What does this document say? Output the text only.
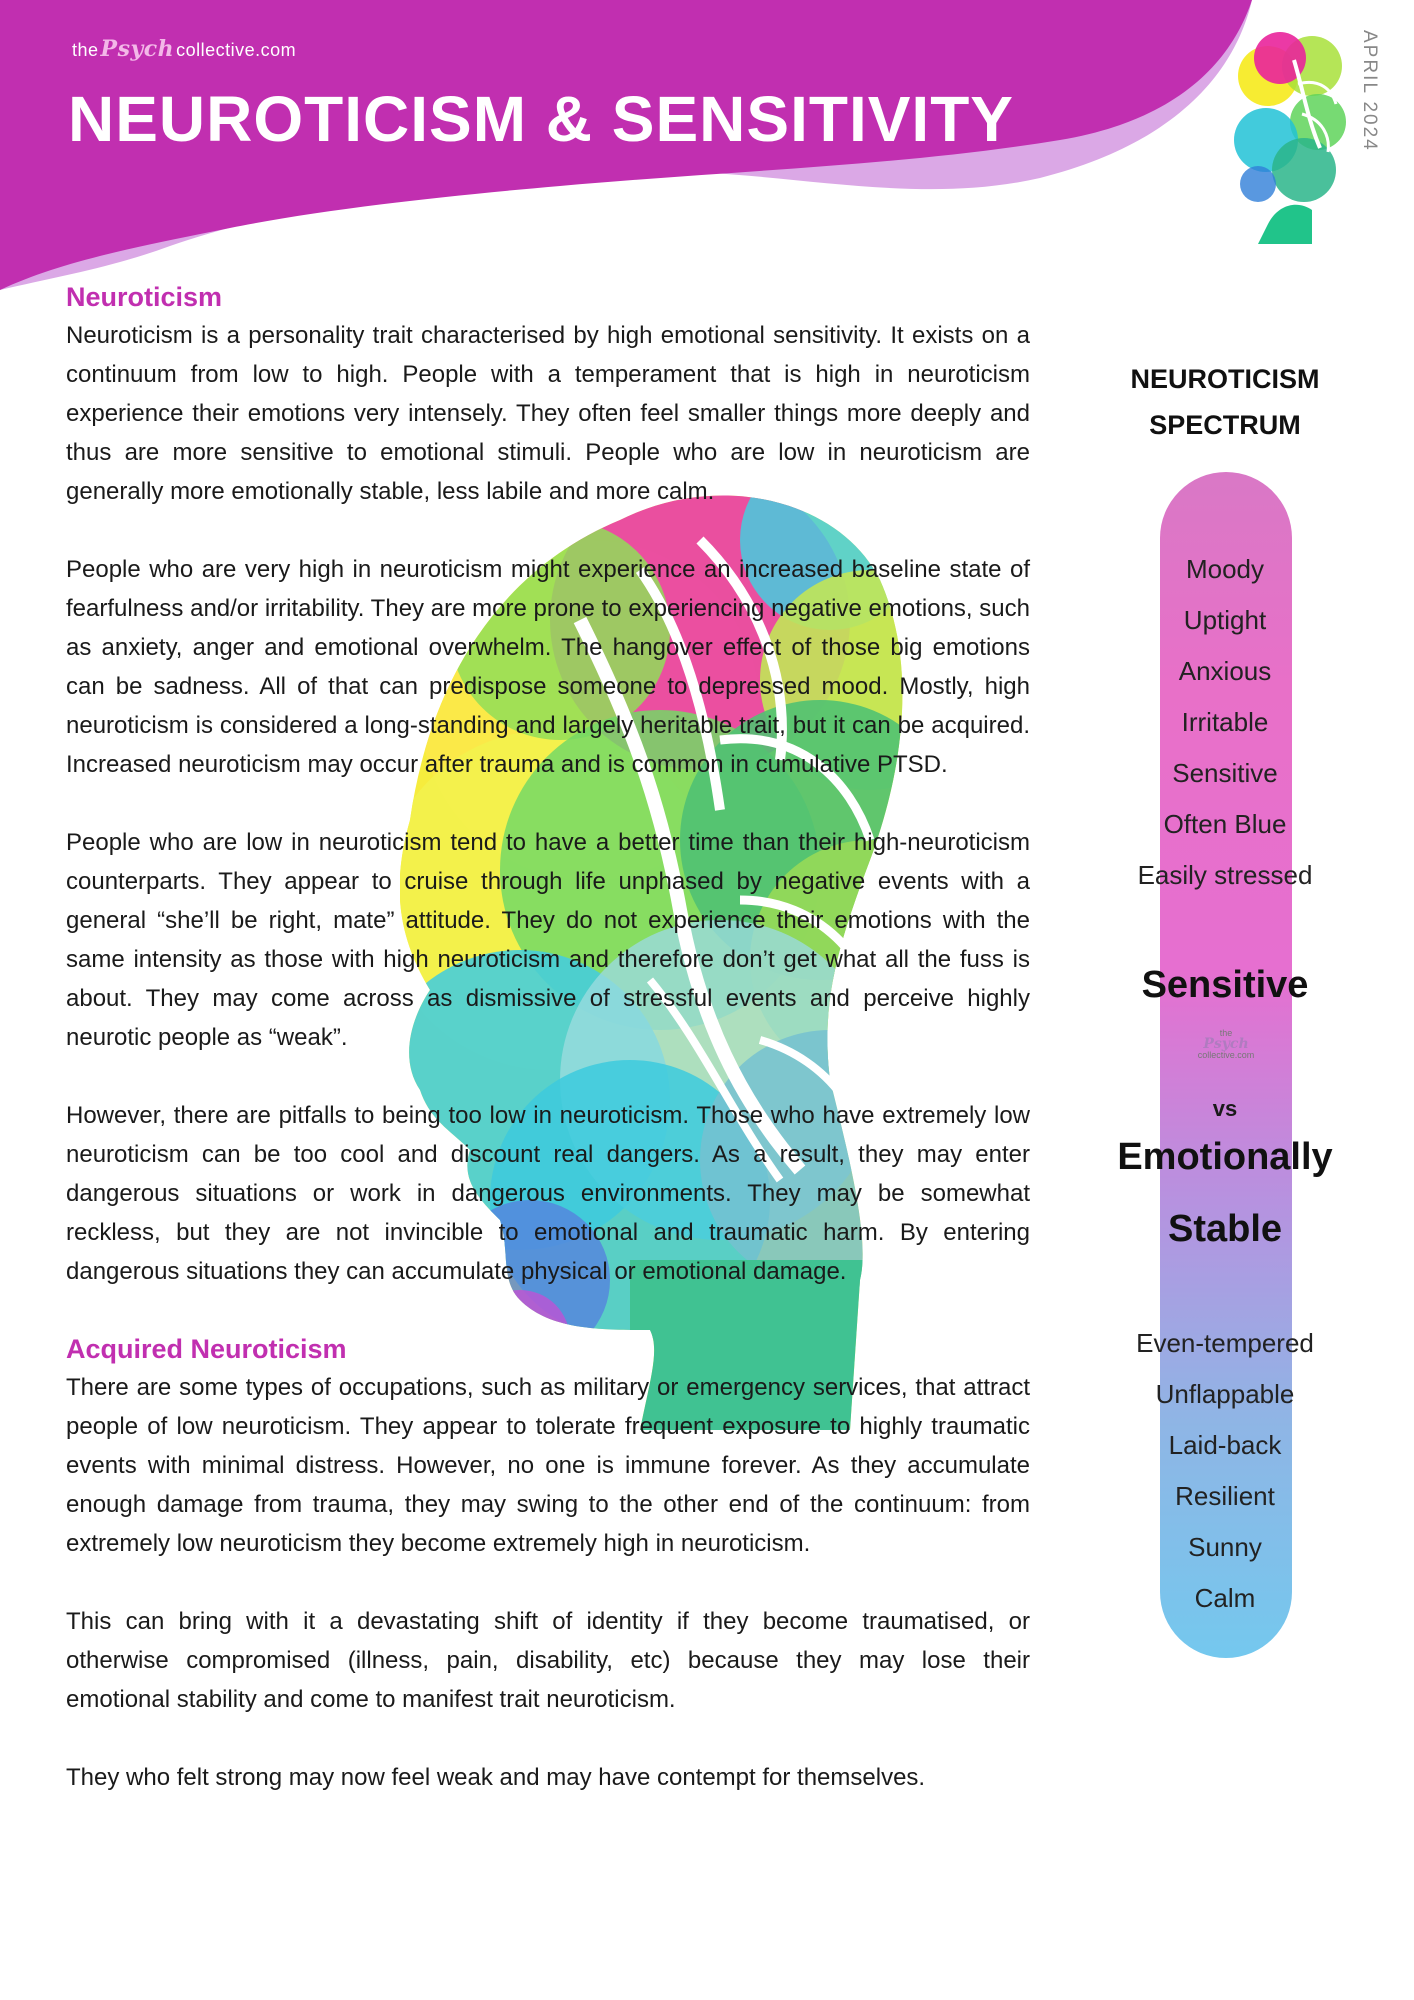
thePsych collective.com
NEUROTICISM & SENSITIVITY	APRIL 2024
Neuroticism

Neuroticism is a personality trait characterised by high emotional sensitivity. It exists on a continuum from low to high. People with a temperament that is high in neuroticism experience their emotions very intensely. They often feel smaller things more deeply and thus are more sensitive to emotional stimuli. People who are low in neuroticism are generally more emotionally stable, less labile and more calm.

People who are very high in neuroticism might experience an increased baseline state of fearfulness and/or irritability. They are more prone to experiencing negative emotions, such as anxiety, anger and emotional overwhelm. The hangover effect of those big emotions can be sadness. All of that can predispose someone to depressed mood. Mostly, high neuroticism is considered a long-standing and largely heritable trait, but it can be acquired. Increased neuroticism may occur after trauma and is common in cumulative PTSD.

People who are low in neuroticism tend to have a better time than their high-neuroticism counterparts. They appear to cruise through life unphased by negative events with a general “she’ll be right, mate” attitude. They do not experience their emotions with the same intensity as those with high neuroticism and therefore don’t get what all the fuss is about. They may come across as dismissive of stressful events and perceive highly neurotic people as “weak”.

However, there are pitfalls to being too low in neuroticism. Those who have extremely low neuroticism can be too cool and discount real dangers. As a result, they may enter dangerous situations or work in dangerous environments. They may be somewhat reckless, but they are not invincible to emotional and traumatic harm. By entering dangerous situations they can accumulate physical or emotional damage.

Acquired Neuroticism

There are some types of occupations, such as military or emergency services, that attract people of low neuroticism. They appear to tolerate frequent exposure to highly traumatic events with minimal distress. However, no one is immune forever. As they accumulate enough damage from trauma, they may swing to the other end of the continuum: from extremely low neuroticism they become extremely high in neuroticism.

This can bring with it a devastating shift of identity if they become traumatised, or otherwise compromised (illness, pain, disability, etc) because they may lose their emotional stability and come to manifest trait neuroticism.

They who felt strong may now feel weak and may have contempt for themselves.

NEUROTICISM
SPECTRUM
Moody
Uptight
Anxious
Irritable
Sensitive
Often Blue
Easily stressed
Sensitive
the
Psych
collective.com
vs
Emotionally
Stable
Even-tempered
Unflappable
Laid-back
Resilient
Sunny
Calm
